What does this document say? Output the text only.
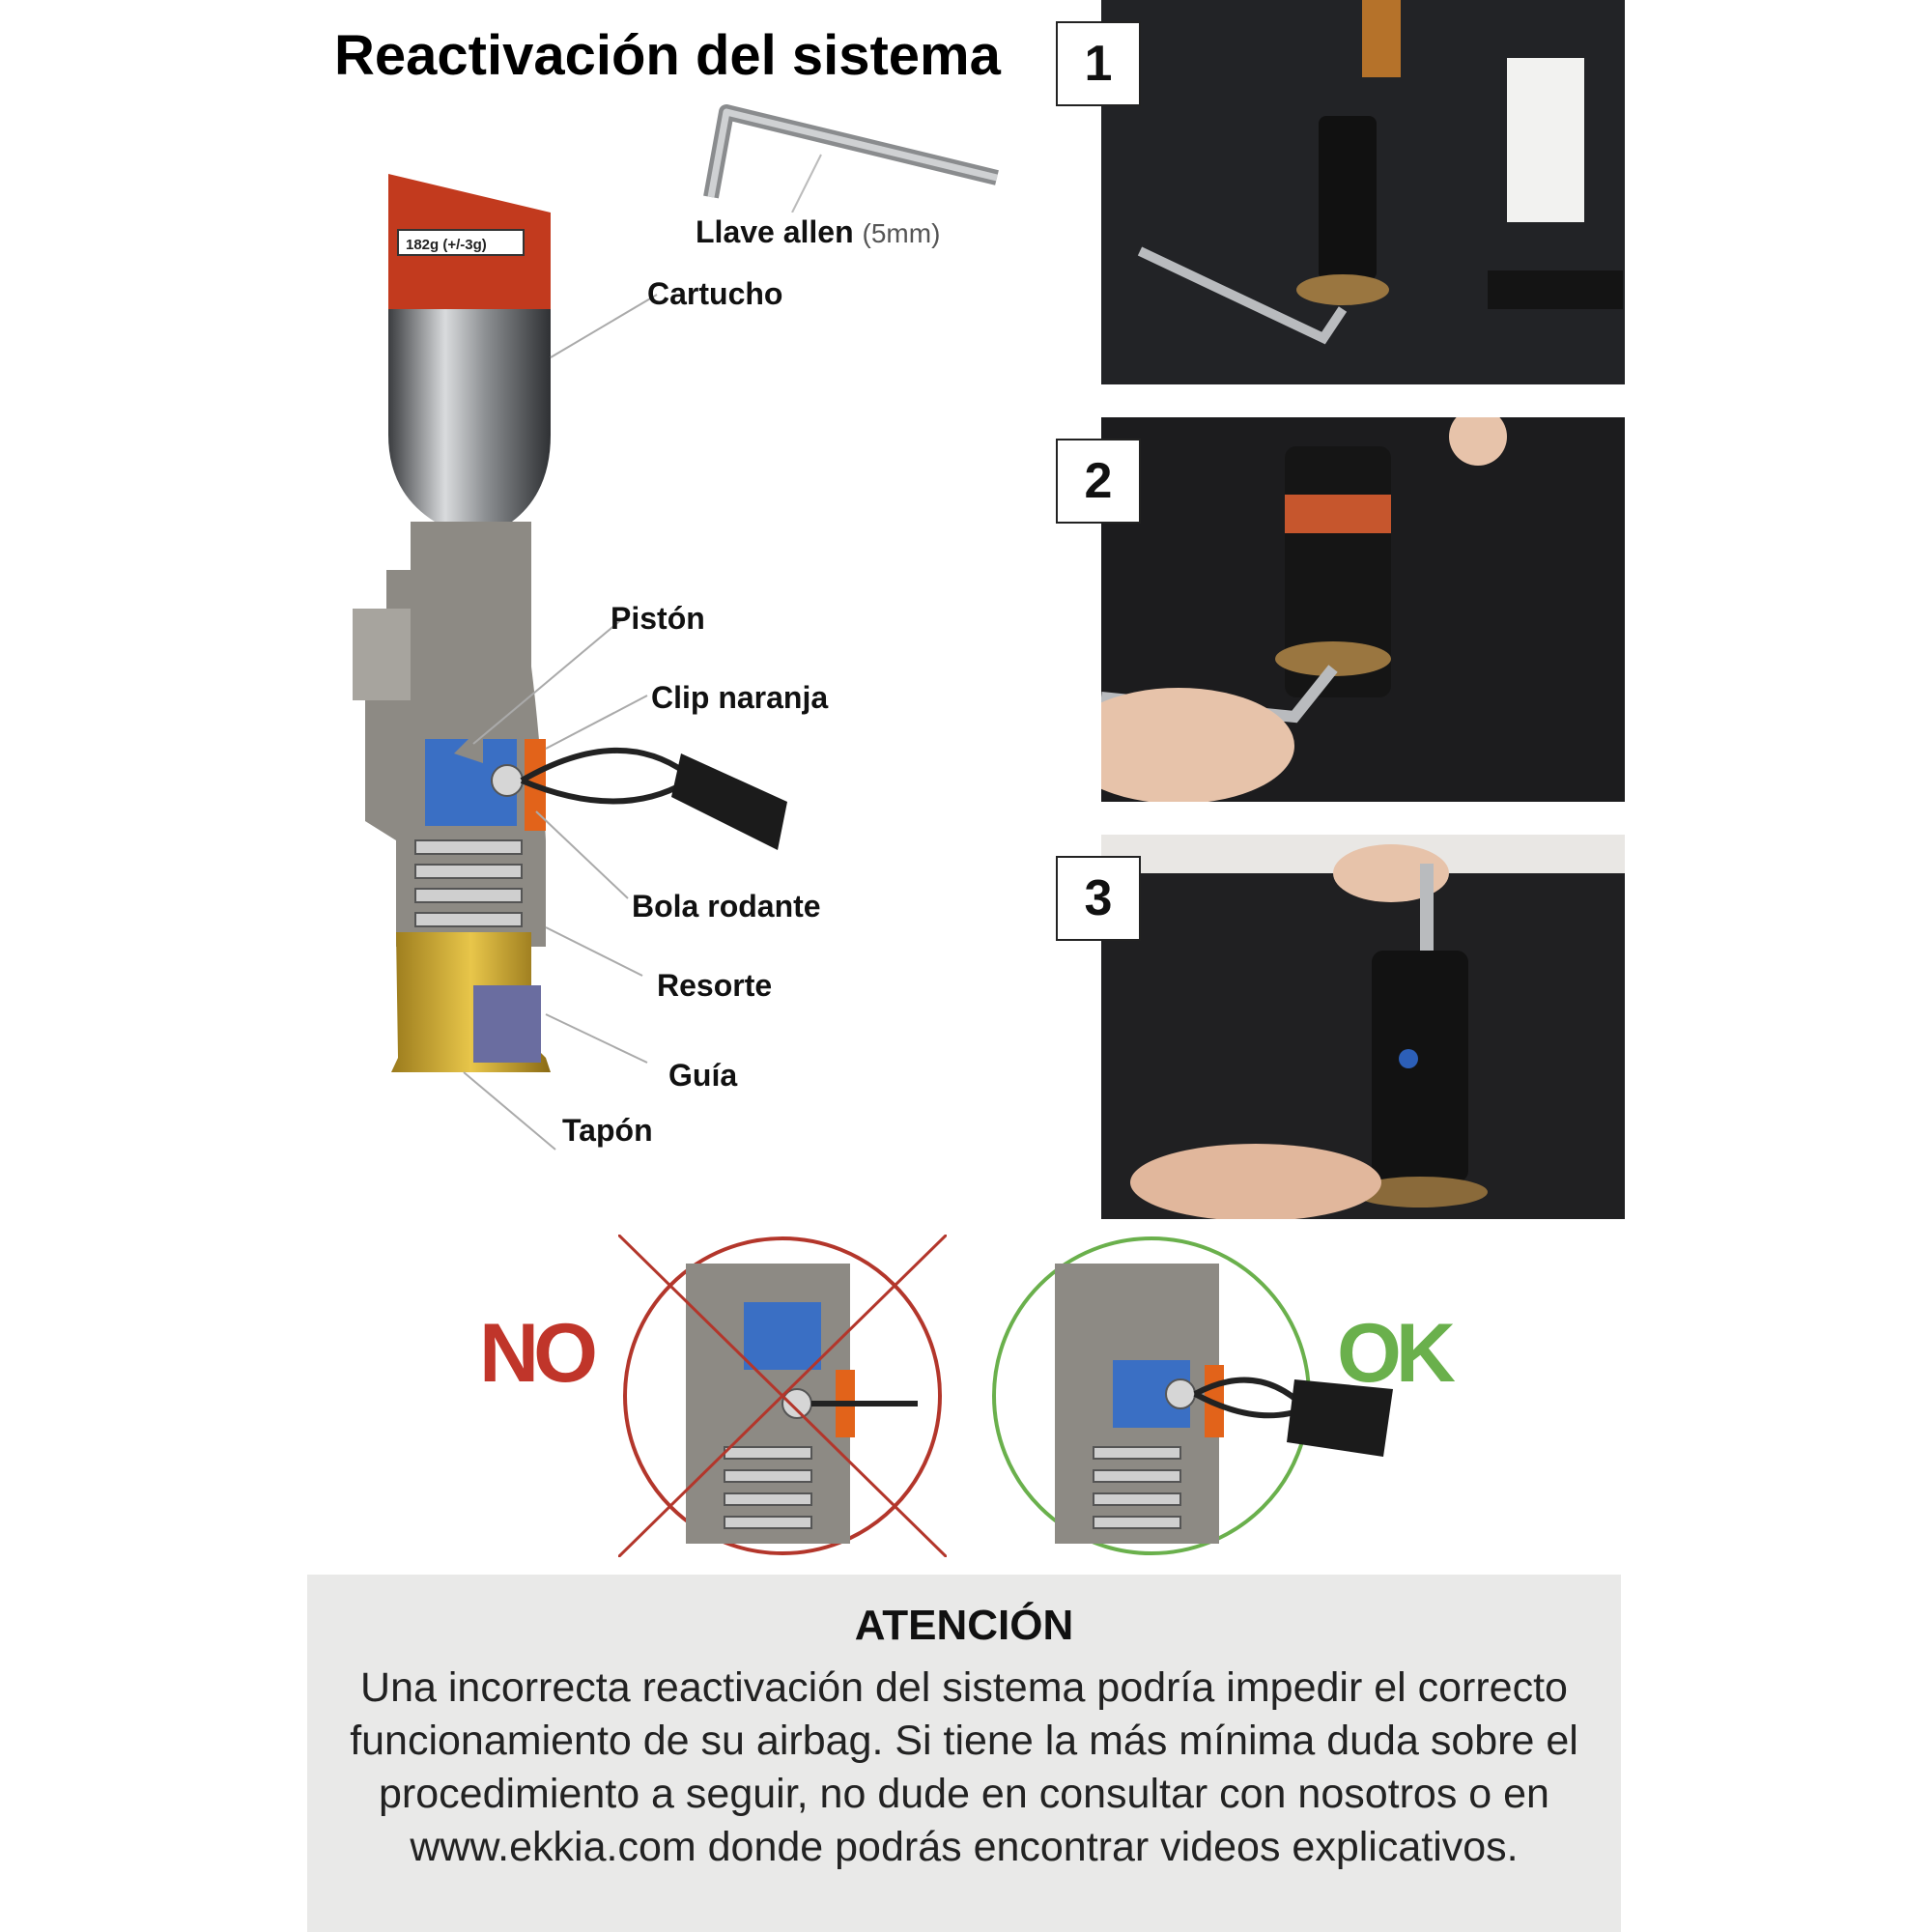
Reactivación del sistema
Llave allen (5mm)
182g (+/-3g)
Cartucho
Pistón
Clip naranja
Bola rodante
Resorte
Guía
Tapón
1
2
3
NO	OK
ATENCIÓN
Una incorrecta reactivación del sistema podría impedir el correcto funcionamiento de su airbag. Si tiene la más mínima duda sobre el procedimiento a seguir, no dude en consultar con nosotros o en www.ekkia.com donde podrás encontrar videos explicativos.
